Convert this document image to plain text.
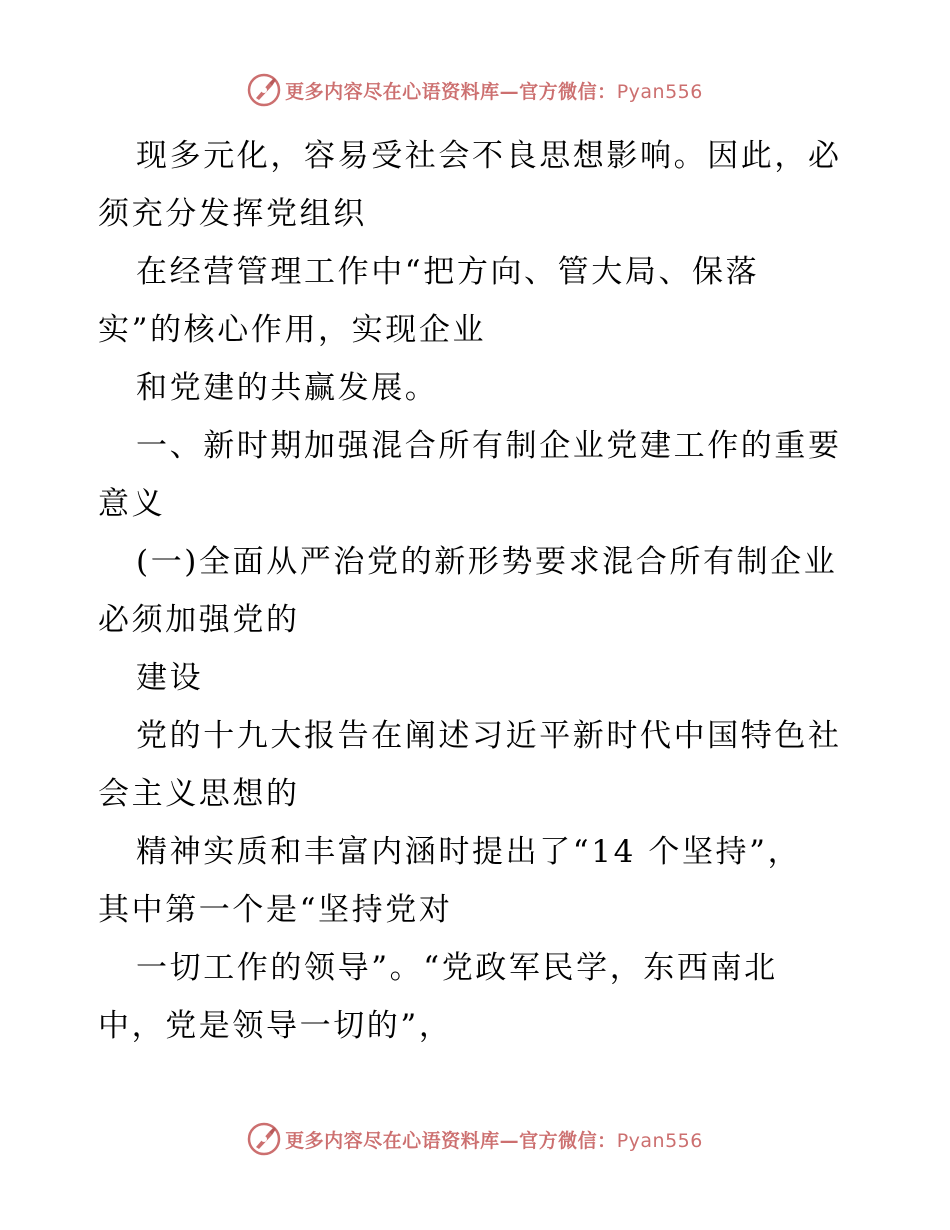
更多内容尽在心语资料库—官方微信：Pyan556

现多元化，容易受社会不良思想影响。因此，必须充分发挥党组织

在经营管理工作中“把方向、管大局、保落
实”的核心作用，实现企业

和党建的共赢发展。

一、新时期加强混合所有制企业党建工作的重要意义

(一)全面从严治党的新形势要求混合所有制企业必须加强党的

建设

党的十九大报告在阐述习近平新时代中国特色社会主义思想的

精神实质和丰富内涵时提出了“14 个坚持”，
其中第一个是“坚持党对

一切工作的领导”。“党政军民学，东西南北
中，党是领导一切的”，

更多内容尽在心语资料库—官方微信：Pyan556
